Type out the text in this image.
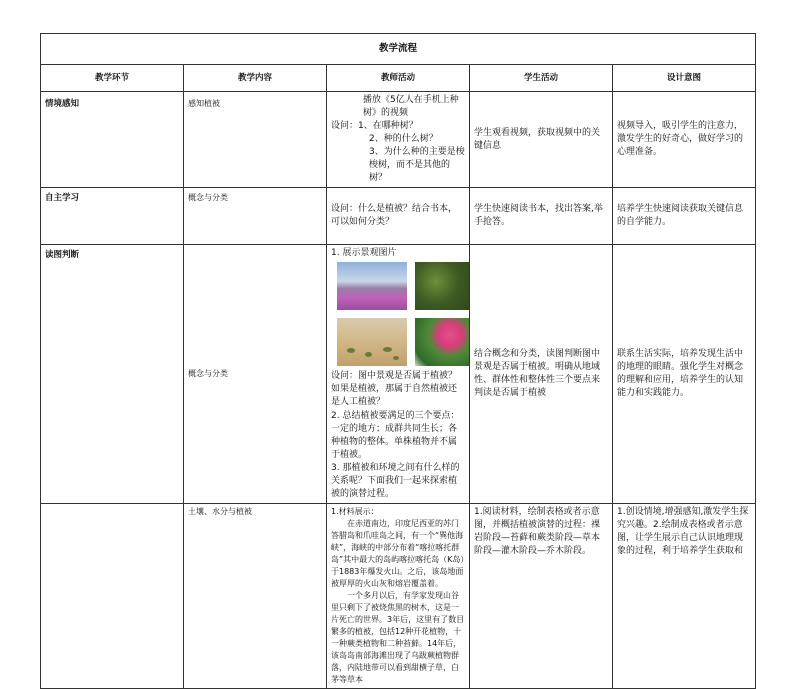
教学流程				
教学环节	教学内容	教师活动	学生活动	设计意图
情境感知	感知植被	播放《5亿人在手机上种树》的视频
设问：1、在哪种树？
2、种的什么树？
3、为什么种的主要是梭梭树，而不是其他的树？	学生观看视频，获取视频中的关键信息	视频导入，吸引学生的注意力，激发学生的好奇心，做好学习的心理准备。
自主学习	概念与分类	设问：什么是植被？结合书本，可以如何分类？	学生快速阅读书本，找出答案,举手抢答。	培养学生快速阅读获取关键信息的自学能力。
读图判断	概念与分类	1. 展示景观图片
设问：图中景观是否属于植被？如果是植被，那属于自然植被还是人工植被？
2. 总结植被要满足的三个要点：一定的地方；成群共同生长；各种植物的整体。单株植物并不属于植被。
3. 那植被和环境之间有什么样的关系呢？下面我们一起来探索植被的演替过程。	结合概念和分类，读图判断图中景观是否属于植被。明确从地域性、群体性和整体性三个要点来判读是否属于植被	联系生活实际，培养发现生活中的地理的眼睛。强化学生对概念的理解和应用，培养学生的认知能力和实践能力。
	土壤、水分与植被	1.材料展示：
在赤道南边，印度尼西亚的苏门答腊岛和爪哇岛之间，有一个“巽他海峡”，海峡的中部分布着“喀拉喀托群岛”其中最大的岛屿喀拉喀托岛（K岛）于1883年爆发火山。之后，该岛地面被厚厚的火山灰和熔岩覆盖着。
一个多月以后，有学家发现山谷里只剩下了被烧焦黑的树木，这是一片死亡的世界。3年后，这里有了数目繁多的植被，包括12种开花植物，十一种蕨类植物和二种苔藓。14年后，该岛岛南部海滩出现了乌跋蕨植物群落，内陆地带可以看到甜横子草，白茅等草本	1.阅读材料，绘制表格或者示意图，并概括植被演替的过程：裸岩阶段—苔藓和蕨类阶段—草本阶段—灌木阶段—乔木阶段。	1.创设情境,增强感知,激发学生探究兴趣。2.绘制成表格或者示意图，让学生展示自己认识地理现象的过程，利于培养学生获取和
